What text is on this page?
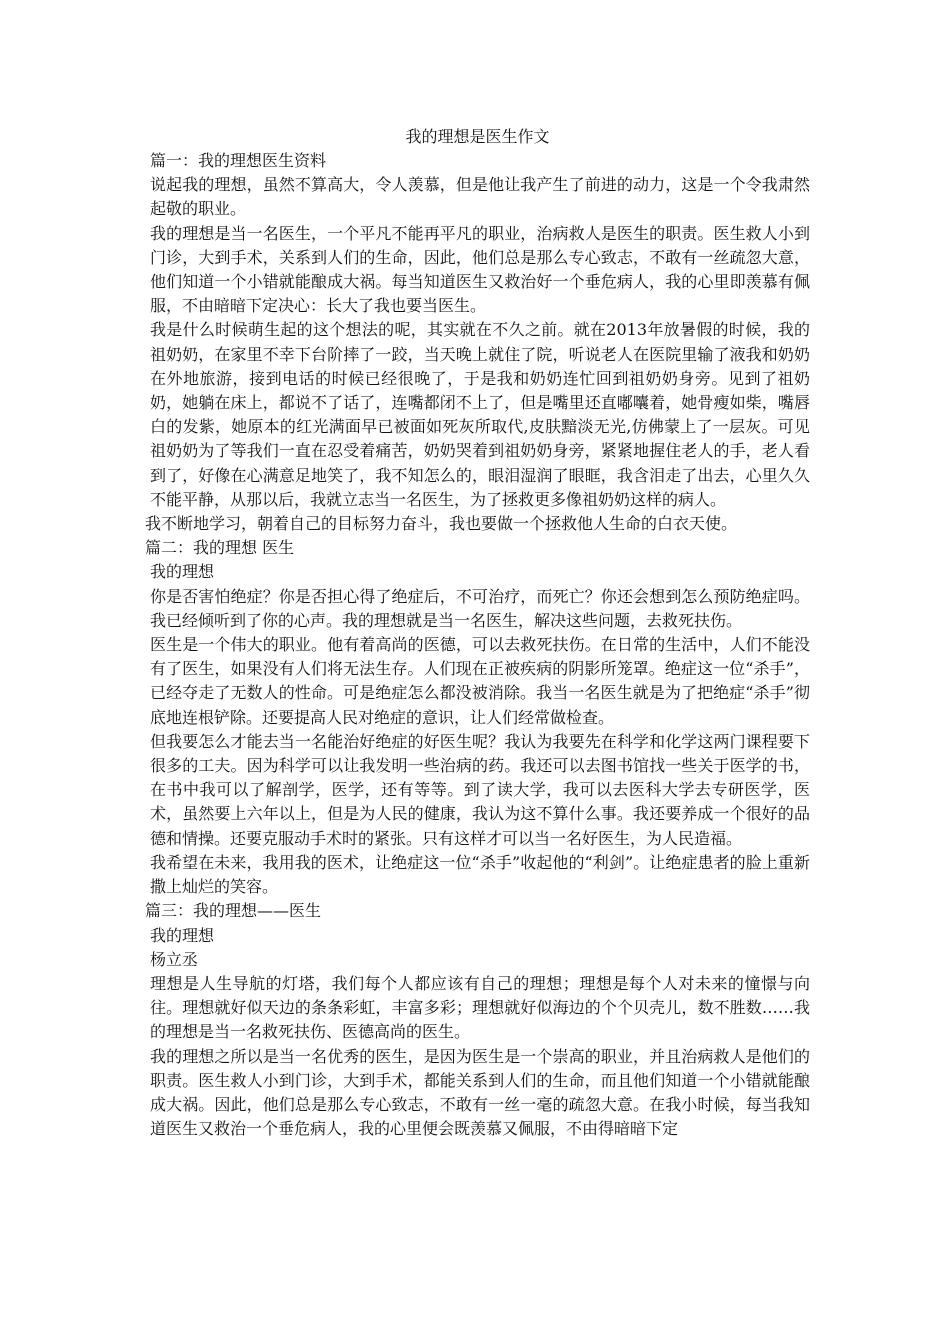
我的理想是医生作文

篇一：我的理想医生资料

说起我的理想，虽然不算高大，令人羡慕，但是他让我产生了前进的动力，这是一个令我肃然起敬的职业。

我的理想是当一名医生，一个平凡不能再平凡的职业，治病救人是医生的职责。医生救人小到门诊，大到手术，关系到人们的生命，因此，他们总是那么专心致志，不敢有一丝疏忽大意，他们知道一个小错就能酿成大祸。每当知道医生又救治好一个垂危病人，我的心里即羡慕有佩服，不由暗暗下定决心：长大了我也要当医生。

我是什么时候萌生起的这个想法的呢，其实就在不久之前。就在2013年放暑假的时候，我的祖奶奶，在家里不幸下台阶摔了一跤，当天晚上就住了院，听说老人在医院里输了液我和奶奶在外地旅游，接到电话的时候已经很晚了，于是我和奶奶连忙回到祖奶奶身旁。见到了祖奶奶，她躺在床上，都说不了话了，连嘴都闭不上了，但是嘴里还直嘟囔着，她骨瘦如柴，嘴唇白的发紫，她原本的红光满面早已被面如死灰所取代,皮肤黯淡无光,仿佛蒙上了一层灰。可见祖奶奶为了等我们一直在忍受着痛苦，奶奶哭着到祖奶奶身旁，紧紧地握住老人的手，老人看到了，好像在心满意足地笑了，我不知怎么的，眼泪湿润了眼眶，我含泪走了出去，心里久久不能平静，从那以后，我就立志当一名医生，为了拯救更多像祖奶奶这样的病人。

我不断地学习，朝着自己的目标努力奋斗，我也要做一个拯救他人生命的白衣天使。

篇二：我的理想 医生

我的理想

你是否害怕绝症？你是否担心得了绝症后，不可治疗，而死亡？你还会想到怎么预防绝症吗。我已经倾听到了你的心声。我的理想就是当一名医生，解决这些问题，去救死扶伤。

医生是一个伟大的职业。他有着高尚的医德，可以去救死扶伤。在日常的生活中，人们不能没有了医生，如果没有人们将无法生存。人们现在正被疾病的阴影所笼罩。绝症这一位“杀手”，已经夺走了无数人的性命。可是绝症怎么都没被消除。我当一名医生就是为了把绝症“杀手”彻底地连根铲除。还要提高人民对绝症的意识，让人们经常做检查。

但我要怎么才能去当一名能治好绝症的好医生呢？我认为我要先在科学和化学这两门课程要下很多的工夫。因为科学可以让我发明一些治病的药。我还可以去图书馆找一些关于医学的书，在书中我可以了解剖学，医学，还有等等。到了读大学，我可以去医科大学去专研医学，医术，虽然要上六年以上，但是为人民的健康，我认为这不算什么事。我还要养成一个很好的品德和情操。还要克服动手术时的紧张。只有这样才可以当一名好医生，为人民造福。

我希望在未来，我用我的医术，让绝症这一位“杀手”收起他的“利剑”。让绝症患者的脸上重新撒上灿烂的笑容。

篇三：我的理想——医生

我的理想

杨立丞

理想是人生导航的灯塔，我们每个人都应该有自己的理想；理想是每个人对未来的憧憬与向往。理想就好似天边的条条彩虹，丰富多彩；理想就好似海边的个个贝壳儿，数不胜数……我的理想是当一名救死扶伤、医德高尚的医生。

我的理想之所以是当一名优秀的医生，是因为医生是一个崇高的职业，并且治病救人是他们的职责。医生救人小到门诊，大到手术，都能关系到人们的生命，而且他们知道一个小错就能酿成大祸。因此，他们总是那么专心致志，不敢有一丝一毫的疏忽大意。在我小时候，每当我知道医生又救治一个垂危病人，我的心里便会既羡慕又佩服，不由得暗暗下定
